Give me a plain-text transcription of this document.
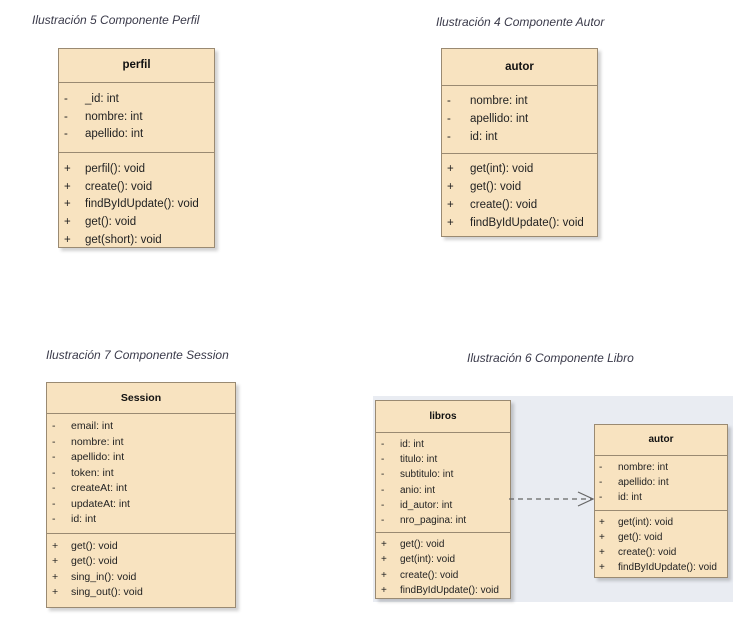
Ilustración 5 Componente Perfil	Ilustración 4 Componente Autor
Ilustración 7 Componente Session	Ilustración 6 Componente Libro
perfil
-	_id: int
-	nombre: int
-	apellido: int
+	perfil(): void
+	create(): void
+	findByIdUpdate(): void
+	get(): void
+	get(short): void
autor
-	nombre: int
-	apellido: int
-	id: int
+	get(int): void
+	get(): void
+	create(): void
+	findByIdUpdate(): void
Session
-	email: int
-	nombre: int
-	apellido: int
-	token: int
-	createAt: int
-	updateAt: int
-	id: int
+	get(): void
+	get(): void
+	sing_in(): void
+	sing_out(): void
libros
-	id: int
-	titulo: int
-	subtitulo: int
-	anio: int
-	id_autor: int
-	nro_pagina: int
+	get(): void
+	get(int): void
+	create(): void
+	findByIdUpdate(): void
autor
-	nombre: int
-	apellido: int
-	id: int
+	get(int): void
+	get(): void
+	create(): void
+	findByIdUpdate(): void
